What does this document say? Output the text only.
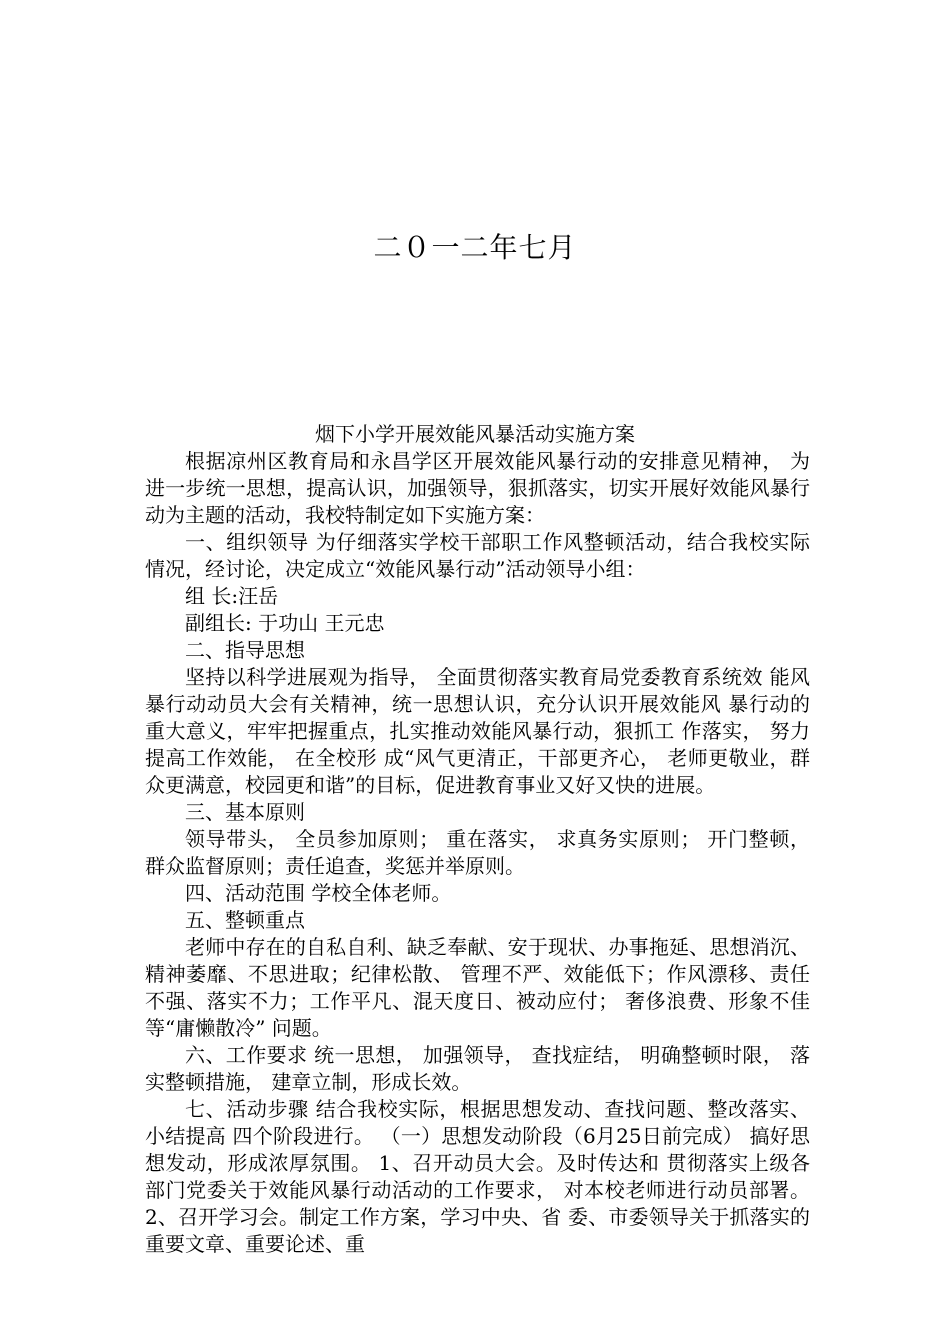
二０一二年七月
烟下小学开展效能风暴活动实施方案

根据凉州区教育局和永昌学区开展效能风暴行动的安排意见精神， 为进一步统一思想，提高认识，加强领导，狠抓落实，切实开展好效能风暴行动为主题的活动，我校特制定如下实施方案：

一、组织领导 为仔细落实学校干部职工作风整顿活动，结合我校实际情况，经讨论，决定成立“效能风暴行动”活动领导小组：

组 长:汪岳

副组长: 于功山 王元忠

二、指导思想

坚持以科学进展观为指导， 全面贯彻落实教育局党委教育系统效 能风暴行动动员大会有关精神，统一思想认识，充分认识开展效能风 暴行动的重大意义，牢牢把握重点，扎实推动效能风暴行动，狠抓工 作落实， 努力提高工作效能， 在全校形 成“风气更清正，干部更齐心， 老师更敬业，群众更满意，校园更和谐”的目标，促进教育事业又好又快的进展。

三、基本原则

领导带头， 全员参加原则； 重在落实， 求真务实原则； 开门整顿， 群众监督原则；责任追查，奖惩并举原则。

四、活动范围 学校全体老师。

五、整顿重点

老师中存在的自私自利、缺乏奉献、安于现状、办事拖延、思想消沉、精神萎靡、不思进取；纪律松散、 管理不严、效能低下；作风漂移、责任不强、落实不力；工作平凡、混天度日、被动应付； 奢侈浪费、形象不佳等“庸懒散冷” 问题。

六、工作要求 统一思想， 加强领导， 查找症结， 明确整顿时限， 落实整顿措施， 建章立制，形成长效。

七、活动步骤 结合我校实际，根据思想发动、查找问题、整改落实、小结提高 四个阶段进行。 （一）思想发动阶段（6月25日前完成） 搞好思想发动，形成浓厚氛围。 1、召开动员大会。及时传达和 贯彻落实上级各部门党委关于效能风暴行动活动的工作要求， 对本校老师进行动员部署。 2、召开学习会。制定工作方案，学习中央、省 委、市委领导关于抓落实的重要文章、重要论述、重
